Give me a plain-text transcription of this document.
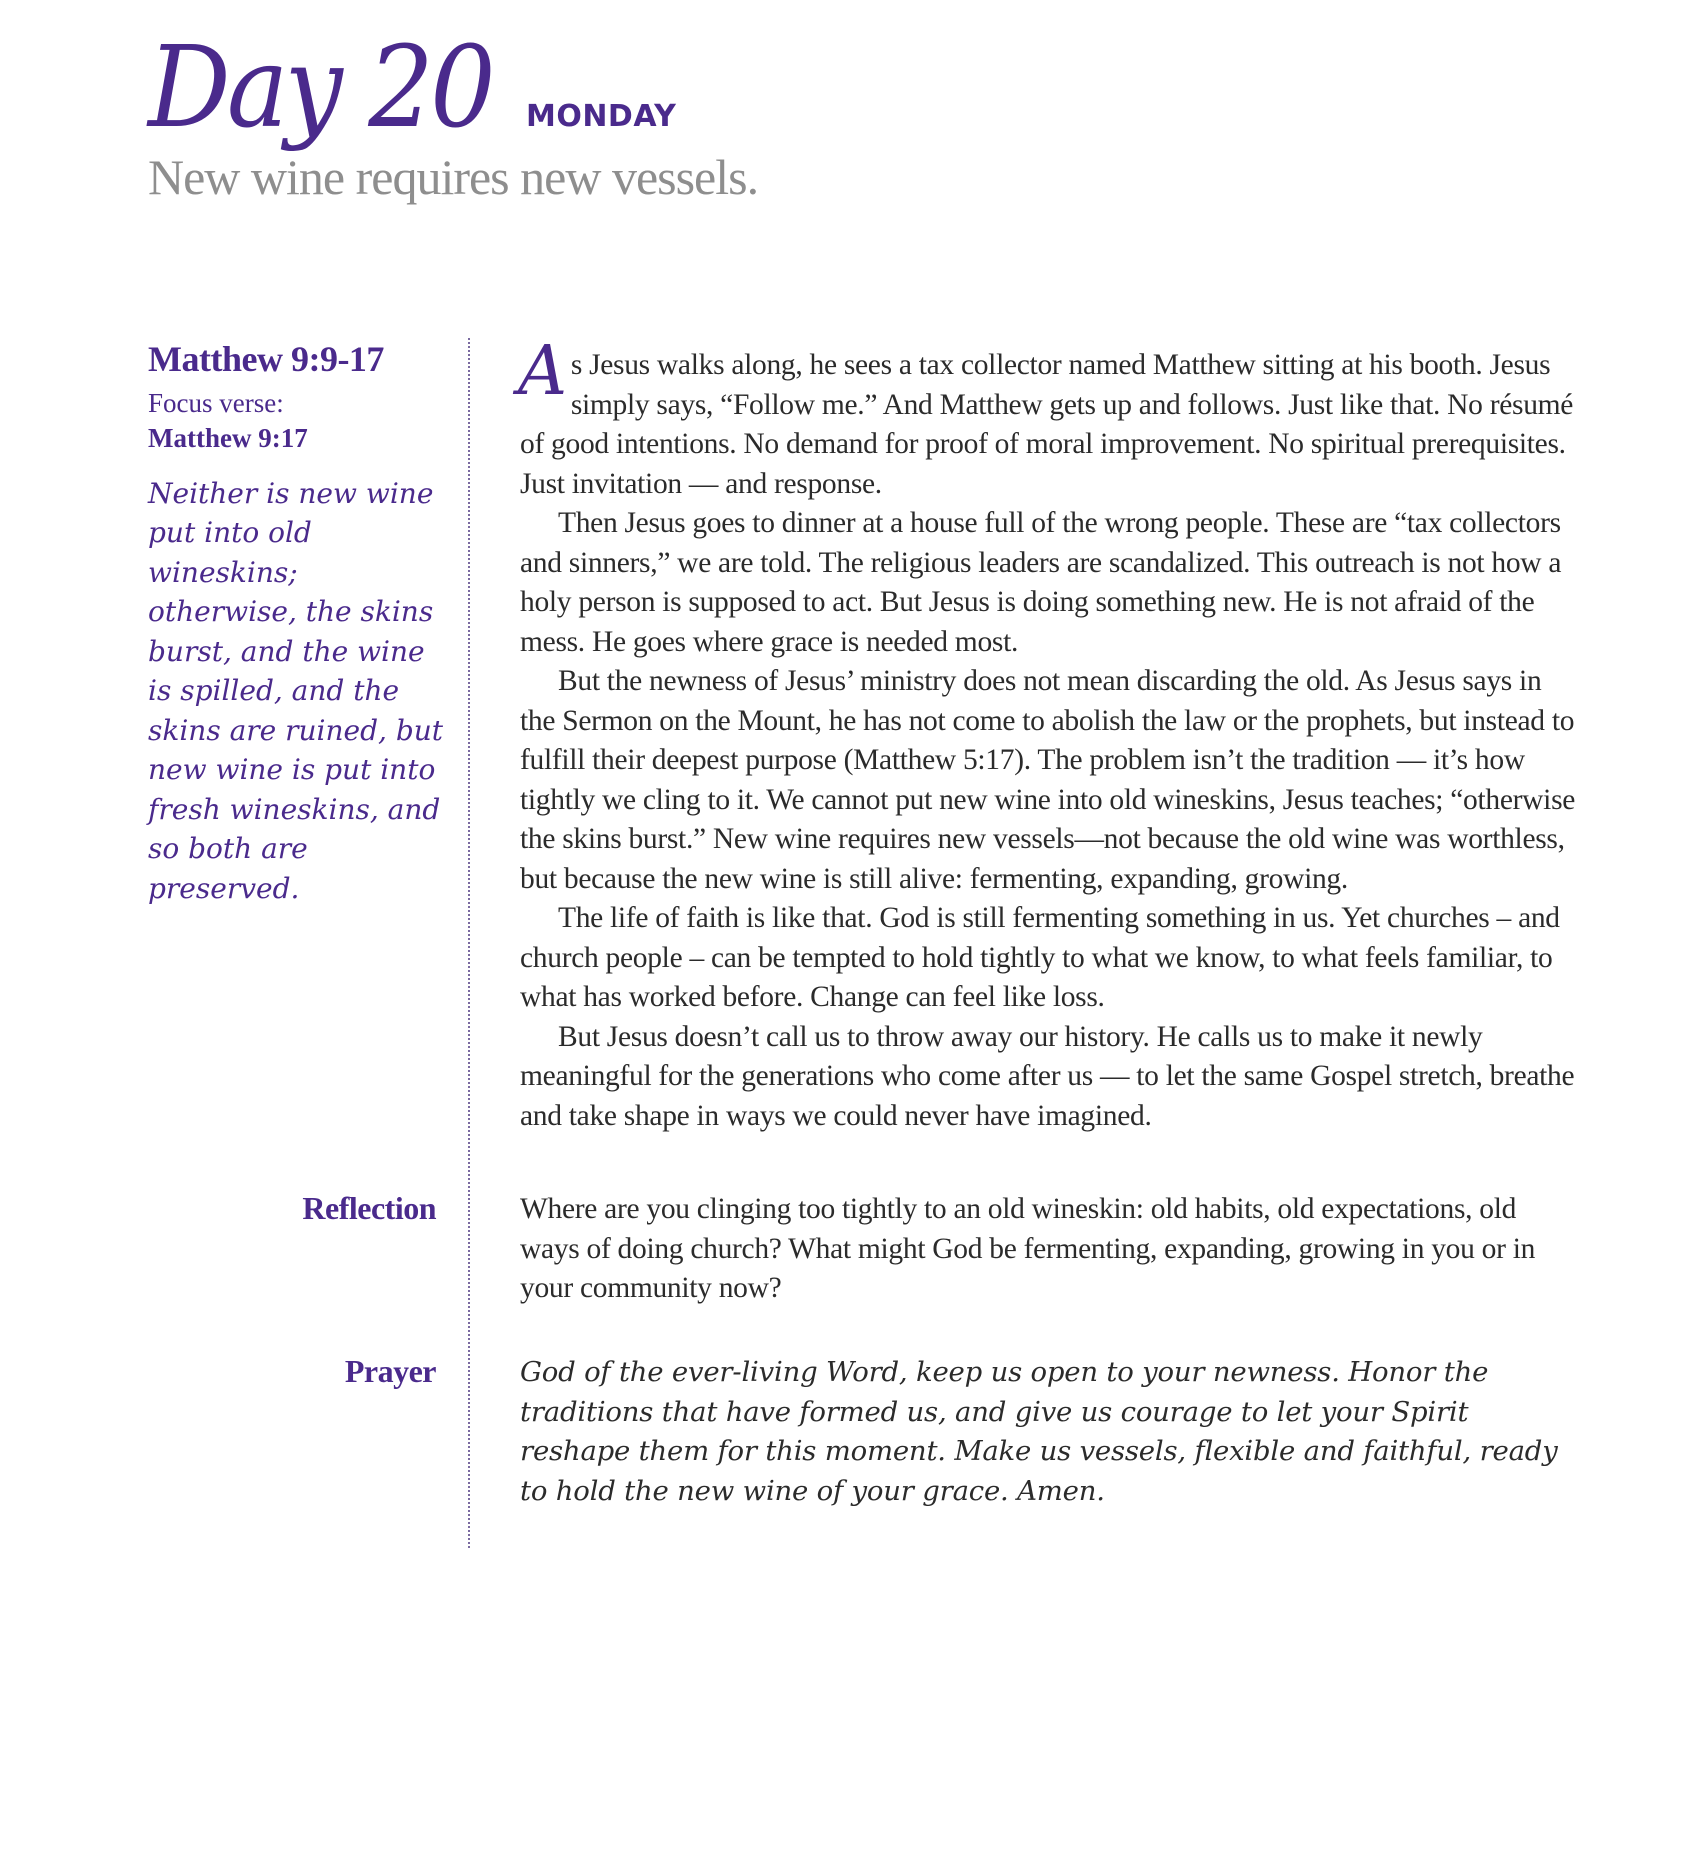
Day 20 MONDAY
New wine requires new vessels.
Matthew 9:9-17
Focus verse:
Matthew 9:17
Neither is new wine put into old wineskins; otherwise, the skins burst, and the wine is spilled, and the skins are ruined, but new wine is put into fresh wineskins, and so both are preserved.

As Jesus walks along, he sees a tax collector named Matthew sitting at his booth. Jesus simply says, “Follow me.” And Matthew gets up and follows. Just like that. No résumé of good intentions. No demand for proof of moral improvement. No spiritual prerequisites. Just invitation — and response.

Then Jesus goes to dinner at a house full of the wrong people. These are “tax collectors and sinners,” we are told. The religious leaders are scandalized. This outreach is not how a holy person is supposed to act. But Jesus is doing something new. He is not afraid of the mess. He goes where grace is needed most.

But the newness of Jesus’ ministry does not mean discarding the old. As Jesus says in the Sermon on the Mount, he has not come to abolish the law or the prophets, but instead to fulfill their deepest purpose (Matthew 5:17). The problem isn’t the tradition — it’s how tightly we cling to it. We cannot put new wine into old wineskins, Jesus teaches; “otherwise the skins burst.” New wine requires new vessels—not because the old wine was worthless, but because the new wine is still alive: fermenting, expanding, growing.

The life of faith is like that. God is still fermenting something in us. Yet churches – and church people – can be tempted to hold tightly to what we know, to what feels familiar, to what has worked before. Change can feel like loss.

But Jesus doesn’t call us to throw away our history. He calls us to make it newly meaningful for the generations who come after us — to let the same Gospel stretch, breathe and take shape in ways we could never have imagined.

Reflection	Where are you clinging too tightly to an old wineskin: old habits, old expectations, old ways of doing church? What might God be fermenting, expanding, growing in you or in your community now?
Prayer	God of the ever-living Word, keep us open to your newness. Honor the traditions that have formed us, and give us courage to let your Spirit reshape them for this moment. Make us vessels, flexible and faithful, ready to hold the new wine of your grace. Amen.
